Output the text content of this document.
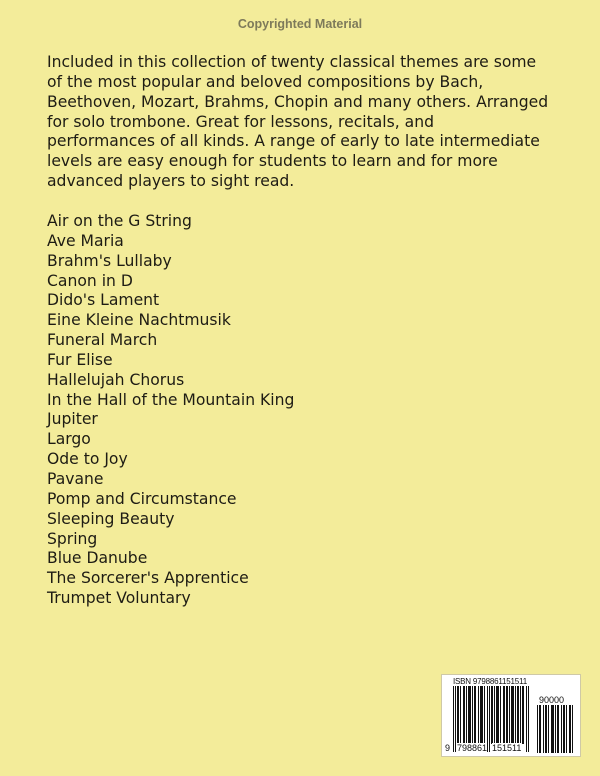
Copyrighted Material
Included in this collection of twenty classical themes are some
of the most popular and beloved compositions by Bach,
Beethoven, Mozart, Brahms, Chopin and many others. Arranged
for solo trombone. Great for lessons, recitals, and
performances of all kinds. A range of early to late intermediate
levels are easy enough for students to learn and for more
advanced players to sight read.
Air on the G String
Ave Maria
Brahm's Lullaby
Canon in D
Dido's Lament
Eine Kleine Nachtmusik
Funeral March
Fur Elise
Hallelujah Chorus
In the Hall of the Mountain King
Jupiter
Largo
Ode to Joy
Pavane
Pomp and Circumstance
Sleeping Beauty
Spring
Blue Danube
The Sorcerer's Apprentice
Trumpet Voluntary
ISBN 9798861151511
9 798861 151511
90000
